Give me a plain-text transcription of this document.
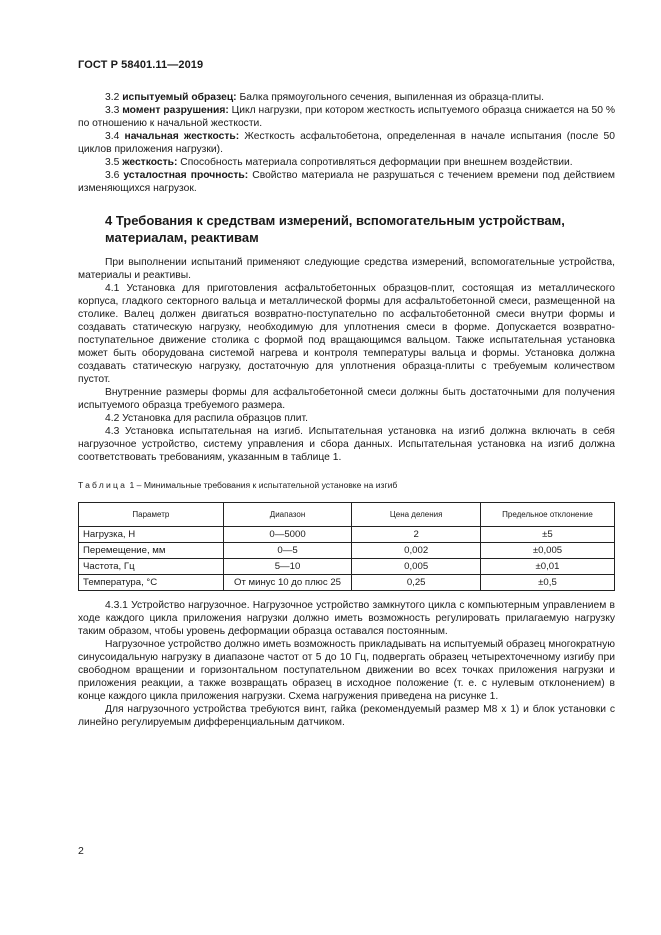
ГОСТ Р 58401.11—2019

3.2 испытуемый образец: Балка прямоугольного сечения, выпиленная из образца-плиты.

3.3 момент разрушения: Цикл нагрузки, при котором жесткость испытуемого образца снижается на 50 % по отношению к начальной жесткости.

3.4 начальная жесткость: Жесткость асфальтобетона, определенная в начале испытания (после 50 циклов приложения нагрузки).

3.5 жесткость: Способность материала сопротивляться деформации при внешнем воздействии.

3.6 усталостная прочность: Свойство материала не разрушаться с течением времени под действием изменяющихся нагрузок.

4 Требования к средствам измерений, вспомогательным устройствам, материалам, реактивам

При выполнении испытаний применяют следующие средства измерений, вспомогательные устройства, материалы и реактивы.

4.1 Установка для приготовления асфальтобетонных образцов-плит, состоящая из металлического корпуса, гладкого секторного вальца и металлической формы для асфальтобетонной смеси, размещенной на столике. Валец должен двигаться возвратно-поступательно по асфальтобетонной смеси внутри формы и создавать статическую нагрузку, необходимую для уплотнения смеси в форме. Допускается возвратно-поступательное движение столика с формой под вращающимся вальцом. Также испытательная установка может быть оборудована системой нагрева и контроля температуры вальца и формы. Установка должна создавать статическую нагрузку, достаточную для уплотнения образца-плиты с требуемым количеством пустот.

Внутренние размеры формы для асфальтобетонной смеси должны быть достаточными для получения испытуемого образца требуемого размера.

4.2 Установка для распила образцов плит.

4.3 Установка испытательная на изгиб. Испытательная установка на изгиб должна включать в себя нагрузочное устройство, систему управления и сбора данных. Испытательная установка на изгиб должна соответствовать требованиям, указанным в таблице 1.

Таблица 1 – Минимальные требования к испытательной установке на изгиб
Параметр	Диапазон	Цена деления	Предельное отклонение
Нагрузка, Н	0—5000	2	±5
Перемещение, мм	0—5	0,002	±0,005
Частота, Гц	5—10	0,005	±0,01
Температура, °С	От минус 10 до плюс 25	0,25	±0,5

4.3.1 Устройство нагрузочное. Нагрузочное устройство замкнутого цикла с компьютерным управлением в ходе каждого цикла приложения нагрузки должно иметь возможность регулировать прилагаемую нагрузку таким образом, чтобы уровень деформации образца оставался постоянным.

Нагрузочное устройство должно иметь возможность прикладывать на испытуемый образец многократную синусоидальную нагрузку в диапазоне частот от 5 до 10 Гц, подвергать образец четырехточечному изгибу при свободном вращении и горизонтальном поступательном движении во всех точках приложения нагрузки и приложения реакции, а также возвращать образец в исходное положение (т. е. с нулевым отклонением) в конце каждого цикла приложения нагрузки. Схема нагружения приведена на рисунке 1.

Для нагрузочного устройства требуются винт, гайка (рекомендуемый размер М8 х 1) и блок установки с линейно регулируемым дифференциальным датчиком.

2
